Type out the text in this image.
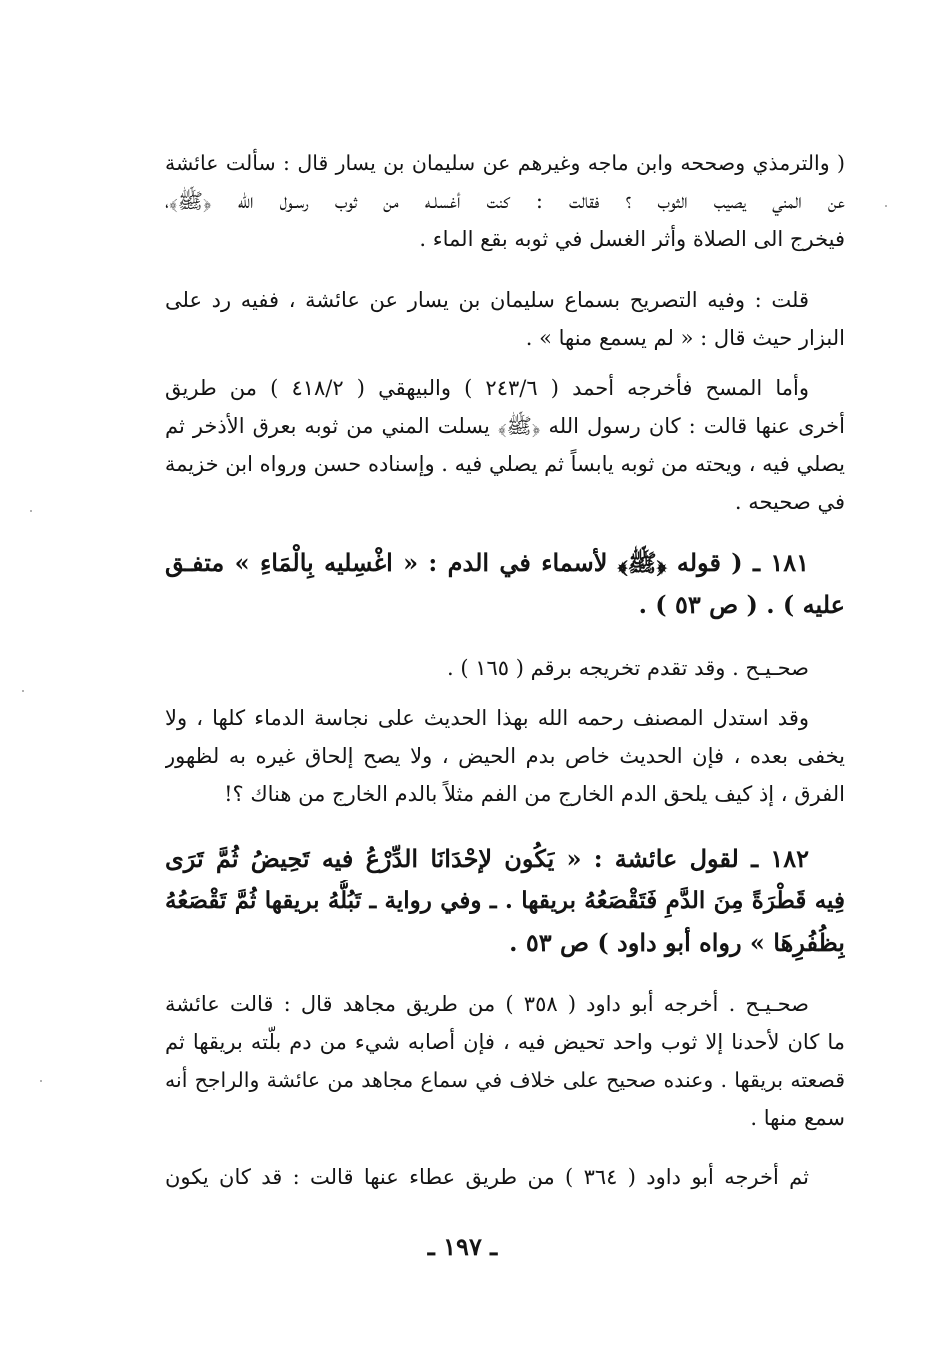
( والترمذي وصححه وابن ماجه وغيرهم عن سليمان بن يسار قال : سألت عائشة
عن المني يصيب الثوب ؟ فقالت : كنت أغسلـه من ثوب رسـول الله ﴿ﷺ﴾،
فيخرج الى الصلاة وأثر الغسل في ثوبه بقع الماء .
قلت : وفيه التصريح بسماع سليمان بن يسار عن عائشة ، ففيه رد على
البزار حيث قال : « لم يسمع منها » .
وأما المسح فأخرجه أحمد ( ٢٤٣/٦ ) والبيهقي ( ٤١٨/٢ ) من طريق
أخرى عنها قالت : كان رسول الله ﴿ﷺ﴾ يسلت المني من ثوبه بعرق الأذخر ثم
يصلي فيه ، ويحته من ثوبه يابساً ثم يصلي فيه . وإسناده حسن ورواه ابن خزيمة
في صحيحه .
١٨١ ـ ( قوله ﴿ﷺ﴾ لأسماء في الدم : « اغْسِليه بِالْمَاءِ » متفـق
عليه ) . ( ص ٥٣ ) .
صحـيـح . وقد تقدم تخريجه برقم ( ١٦٥ ) .
وقد استدل المصنف رحمه الله بهذا الحديث على نجاسة الدماء كلها ، ولا
يخفى بعده ، فإن الحديث خاص بدم الحيض ، ولا يصح إلحاق غيره به لظهور
الفرق ، إذ كيف يلحق الدم الخارج من الفم مثلاً بالدم الخارج من هناك ؟!
١٨٢ ـ لقول عائشة : « يَكُون لإحْدَانَا الدِّرْعُ فيه تَحِيضُ ثُمَّ تَرَى
فِيه قَطْرَةً مِنَ الدَّمِ فَتَقْصَعُهُ بريقها . ـ وفي رواية ـ تَبُلُّهُ بريقها ثُمَّ تَقْصَعُهُ
بِظُفُرِهَا » رواه أبو داود ) ص ٥٣ .
صحـيـح . أخرجه أبو داود ( ٣٥٨ ) من طريق مجاهد قال : قالت عائشة
ما كان لأحدنا إلا ثوب واحد تحيض فيه ، فإن أصابه شيء من دم بلّته بريقها ثم
قصعته بريقها . وعنده صحيح على خلاف في سماع مجاهد من عائشة والراجح أنه
سمع منها .
ثم أخرجه أبو داود ( ٣٦٤ ) من طريق عطاء عنها قالت : قد كان يكون
ـ ١٩٧ ـ
